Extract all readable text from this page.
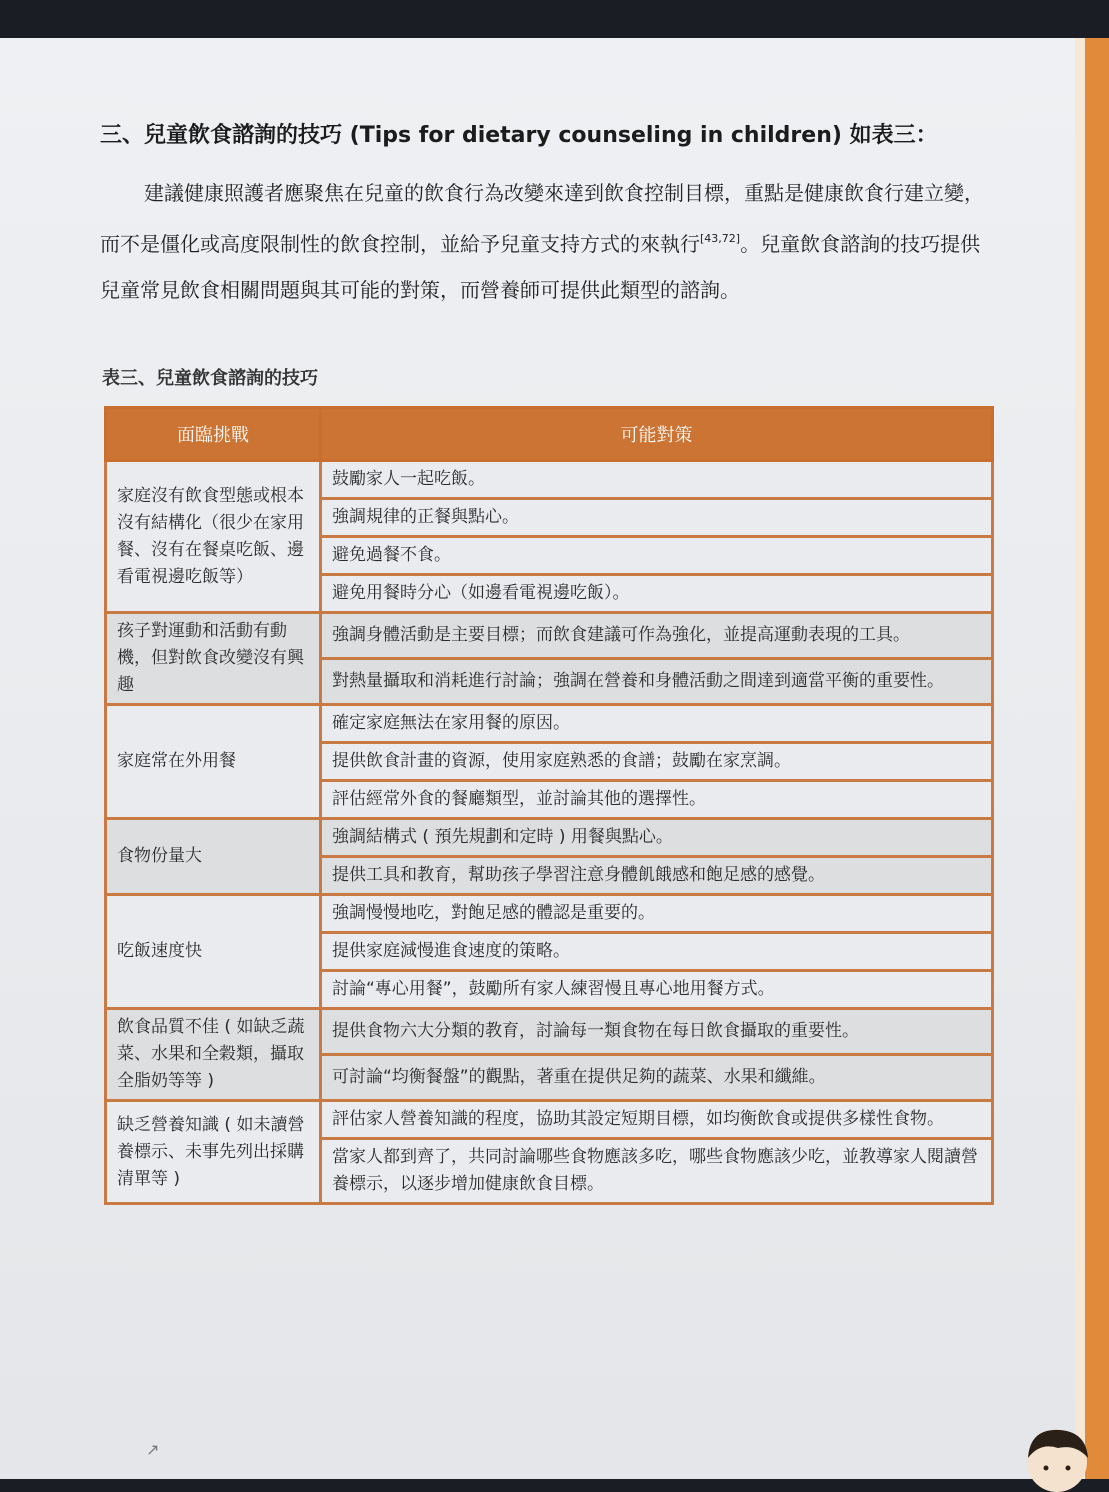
三、兒童飲食諮詢的技巧 (Tips for dietary counseling in children) 如表三：
建議健康照護者應聚焦在兒童的飲食行為改變來達到飲食控制目標，重點是健康飲食行建立變，而不是僵化或高度限制性的飲食控制，並給予兒童支持方式的來執行[43,72]。兒童飲食諮詢的技巧提供兒童常見飲食相關問題與其可能的對策，而營養師可提供此類型的諮詢。
表三、兒童飲食諮詢的技巧
面臨挑戰	可能對策
家庭沒有飲食型態或根本沒有結構化（很少在家用餐、沒有在餐桌吃飯、邊看電視邊吃飯等）	鼓勵家人一起吃飯。
	強調規律的正餐與點心。
	避免過餐不食。
	避免用餐時分心（如邊看電視邊吃飯）。
孩子對運動和活動有動機，但對飲食改變沒有興趣	強調身體活動是主要目標；而飲食建議可作為強化，並提高運動表現的工具。
	對熱量攝取和消耗進行討論；強調在營養和身體活動之間達到適當平衡的重要性。
家庭常在外用餐	確定家庭無法在家用餐的原因。
	提供飲食計畫的資源，使用家庭熟悉的食譜；鼓勵在家烹調。
	評估經常外食的餐廳類型，並討論其他的選擇性。
食物份量大	強調結構式 ( 預先規劃和定時 ) 用餐與點心。
	提供工具和教育，幫助孩子學習注意身體飢餓感和飽足感的感覺。
吃飯速度快	強調慢慢地吃，對飽足感的體認是重要的。
	提供家庭減慢進食速度的策略。
	討論“專心用餐”，鼓勵所有家人練習慢且專心地用餐方式。
飲食品質不佳 ( 如缺乏蔬菜、水果和全穀類，攝取全脂奶等等 )	提供食物六大分類的教育，討論每一類食物在每日飲食攝取的重要性。
	可討論“均衡餐盤”的觀點，著重在提供足夠的蔬菜、水果和纖維。
缺乏營養知識 ( 如未讀營養標示、未事先列出採購清單等 )	評估家人營養知識的程度，協助其設定短期目標，如均衡飲食或提供多樣性食物。
	當家人都到齊了，共同討論哪些食物應該多吃，哪些食物應該少吃，並教導家人閱讀營養標示，以逐步增加健康飲食目標。
↗
